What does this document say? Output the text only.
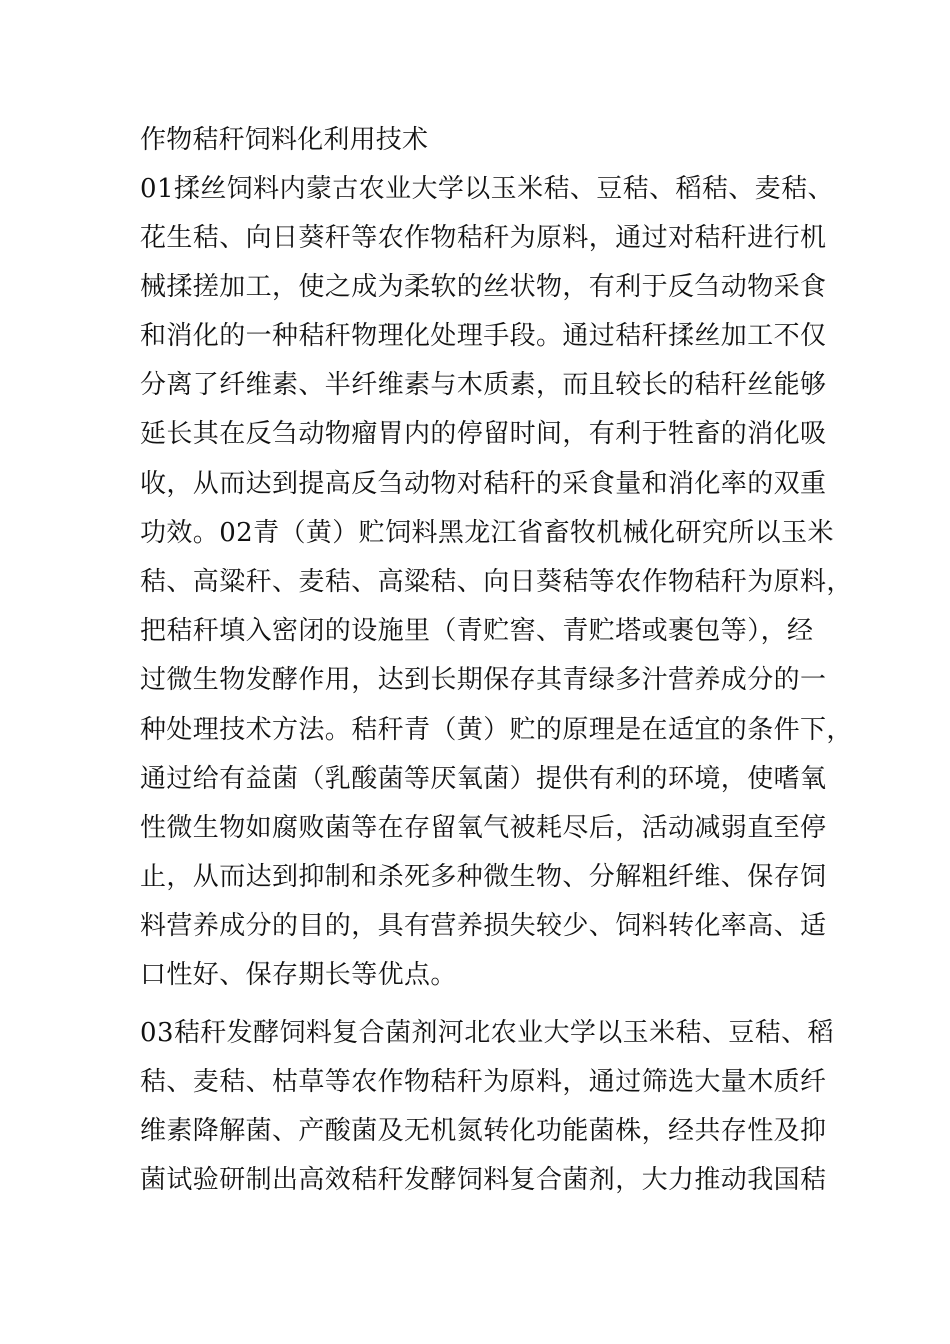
作物秸秆饲料化利用技术
01揉丝饲料内蒙古农业大学以玉米秸、豆秸、稻秸、麦秸、
花生秸、向日葵秆等农作物秸秆为原料，通过对秸秆进行机
械揉搓加工，使之成为柔软的丝状物，有利于反刍动物采食
和消化的一种秸秆物理化处理手段。通过秸秆揉丝加工不仅
分离了纤维素、半纤维素与木质素，而且较长的秸秆丝能够
延长其在反刍动物瘤胃内的停留时间，有利于牲畜的消化吸
收，从而达到提高反刍动物对秸秆的采食量和消化率的双重
功效。02青（黄）贮饲料黑龙江省畜牧机械化研究所以玉米
秸、高粱秆、麦秸、高粱秸、向日葵秸等农作物秸秆为原料，
把秸秆填入密闭的设施里（青贮窖、青贮塔或裹包等），经
过微生物发酵作用，达到长期保存其青绿多汁营养成分的一
种处理技术方法。秸秆青（黄）贮的原理是在适宜的条件下，
通过给有益菌（乳酸菌等厌氧菌）提供有利的环境，使嗜氧
性微生物如腐败菌等在存留氧气被耗尽后，活动减弱直至停
止，从而达到抑制和杀死多种微生物、分解粗纤维、保存饲
料营养成分的目的，具有营养损失较少、饲料转化率高、适
口性好、保存期长等优点。
03秸秆发酵饲料复合菌剂河北农业大学以玉米秸、豆秸、稻
秸、麦秸、枯草等农作物秸秆为原料，通过筛选大量木质纤
维素降解菌、产酸菌及无机氮转化功能菌株，经共存性及抑
菌试验研制出高效秸秆发酵饲料复合菌剂，大力推动我国秸
